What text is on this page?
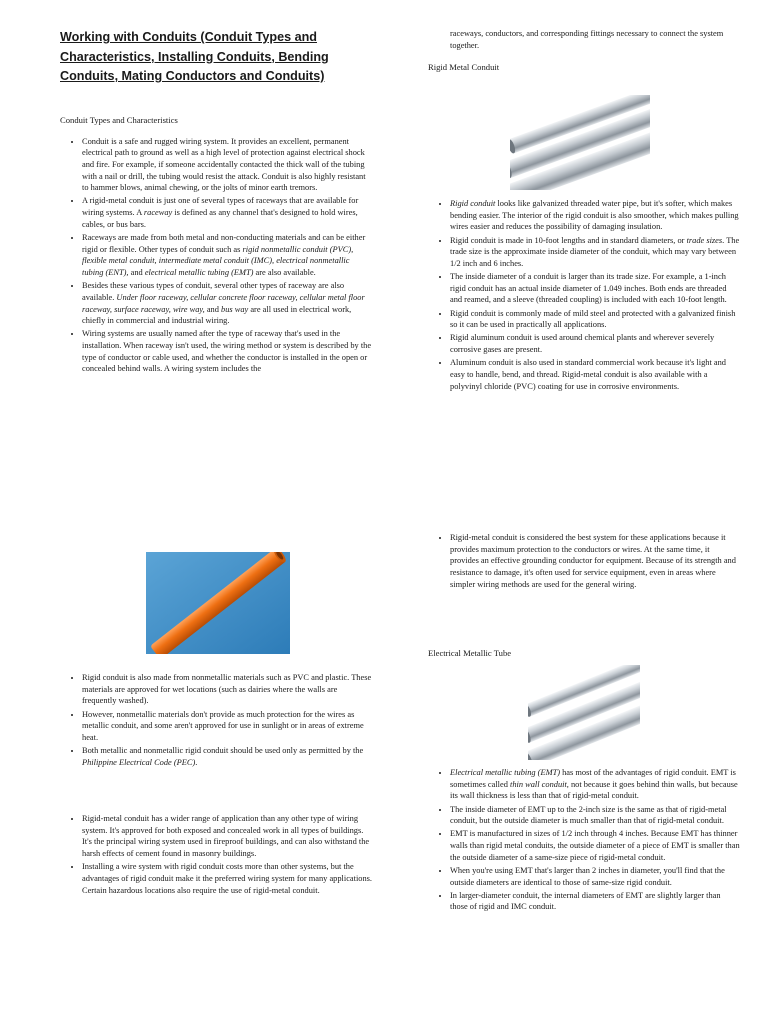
Working with Conduits (Conduit Types and Characteristics, Installing Conduits, Bending Conduits, Mating Conductors and Conduits)

Conduit Types and Characteristics

• Conduit is a safe and rugged wiring system. It provides an excellent, permanent electrical path to ground as well as a high level of protection against electrical shock and fire. For example, if someone accidentally contacted the thick wall of the tubing with a nail or drill, the tubing would resist the attack. Conduit is also highly resistant to hammer blows, animal chewing, or the jolts of minor earth tremors.
• A rigid-metal conduit is just one of several types of raceways that are available for wiring systems. A raceway is defined as any channel that's designed to hold wires, cables, or bus bars.
• Raceways are made from both metal and non-conducting materials and can be either rigid or flexible. Other types of conduit such as rigid nonmetallic conduit (PVC), flexible metal conduit, intermediate metal conduit (IMC), electrical nonmetallic tubing (ENT), and electrical metallic tubing (EMT) are also available.
• Besides these various types of conduit, several other types of raceway are also available. Under floor raceway, cellular concrete floor raceway, cellular metal floor raceway, surface raceway, wire way, and bus way are all used in electrical work, chiefly in commercial and industrial wiring.
• Wiring systems are usually named after the type of raceway that's used in the installation. When raceway isn't used, the wiring method or system is described by the type of conductor or cable used, and whether the conductor is installed in the open or concealed behind walls. A wiring system includes the
• Rigid conduit is also made from nonmetallic materials such as PVC and plastic. These materials are approved for wet locations (such as dairies where the walls are frequently washed).
• However, nonmetallic materials don't provide as much protection for the wires as metallic conduit, and some aren't approved for use in sunlight or in areas of extreme heat.
• Both metallic and nonmetallic rigid conduit should be used only as permitted by the Philippine Electrical Code (PEC).
• Rigid-metal conduit has a wider range of application than any other type of wiring system. It's approved for both exposed and concealed work in all types of buildings. It's the principal wiring system used in fireproof buildings, and can also withstand the harsh effects of cement found in masonry buildings.
• Installing a wire system with rigid conduit costs more than other systems, but the advantages of rigid conduit make it the preferred wiring system for many applications. Certain hazardous locations also require the use of rigid-metal conduit.

raceways, conductors, and corresponding fittings necessary to connect the system together.

Rigid Metal Conduit

• Rigid conduit looks like galvanized threaded water pipe, but it's softer, which makes bending easier. The interior of the rigid conduit is also smoother, which makes pulling wires easier and reduces the possibility of damaging insulation.
• Rigid conduit is made in 10-foot lengths and in standard diameters, or trade sizes. The trade size is the approximate inside diameter of the conduit, which may vary between 1/2 inch and 6 inches.
• The inside diameter of a conduit is larger than its trade size. For example, a 1-inch rigid conduit has an actual inside diameter of 1.049 inches. Both ends are threaded and reamed, and a sleeve (threaded coupling) is included with each 10-foot length.
• Rigid conduit is commonly made of mild steel and protected with a galvanized finish so it can be used in practically all applications.
• Rigid aluminum conduit is used around chemical plants and wherever severely corrosive gases are present.
• Aluminum conduit is also used in standard commercial work because it's light and easy to handle, bend, and thread. Rigid-metal conduit is also available with a polyvinyl chloride (PVC) coating for use in corrosive environments.
• Rigid-metal conduit is considered the best system for these applications because it provides maximum protection to the conductors or wires. At the same time, it provides an effective grounding conductor for equipment. Because of its strength and resistance to damage, it's often used for service equipment, even in areas where simpler wiring methods are used for the general wiring.

Electrical Metallic Tube

• Electrical metallic tubing (EMT) has most of the advantages of rigid conduit. EMT is sometimes called thin wall conduit, not because it goes behind thin walls, but because its wall thickness is less than that of rigid-metal conduit.
• The inside diameter of EMT up to the 2-inch size is the same as that of rigid-metal conduit, but the outside diameter is much smaller than that of rigid-metal conduit.
• EMT is manufactured in sizes of 1/2 inch through 4 inches. Because EMT has thinner walls than rigid metal conduits, the outside diameter of a piece of EMT is smaller than the outside diameter of a same-size piece of rigid-metal conduit.
• When you're using EMT that's larger than 2 inches in diameter, you'll find that the outside diameters are identical to those of same-size rigid conduit.
• In larger-diameter conduit, the internal diameters of EMT are slightly larger than those of rigid and IMC conduit.
